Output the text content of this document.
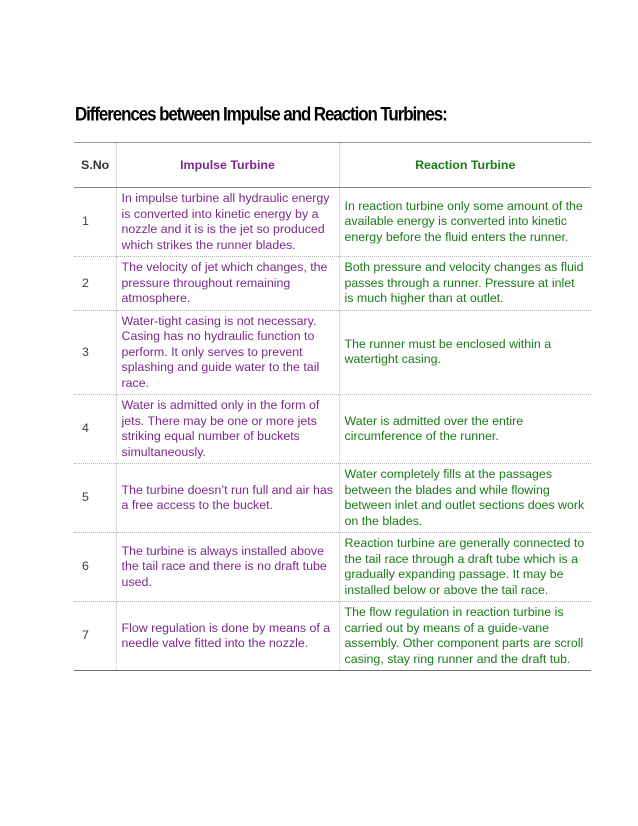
Differences between Impulse and Reaction Turbines:
S.No	Impulse Turbine	Reaction Turbine
1	In impulse turbine all hydraulic energy is converted into kinetic energy by a nozzle and it is is the jet so produced which strikes the runner blades.	In reaction turbine only some amount of the available energy is converted into kinetic energy before the fluid enters the runner.
2	The velocity of jet which changes, the pressure throughout remaining atmosphere.	Both pressure and velocity changes as fluid passes through a runner. Pressure at inlet is much higher than at outlet.
3	Water-tight casing is not necessary. Casing has no hydraulic function to perform. It only serves to prevent splashing and guide water to the tail race.	The runner must be enclosed within a watertight casing.
4	Water is admitted only in the form of jets. There may be one or more jets striking equal number of buckets simultaneously.	Water is admitted over the entire circumference of the runner.
5	The turbine doesn’t run full and air has a free access to the bucket.	Water completely fills at the passages between the blades and while flowing between inlet and outlet sections does work on the blades.
6	The turbine is always installed above the tail race and there is no draft tube used.	Reaction turbine are generally connected to the tail race through a draft tube which is a gradually expanding passage. It may be installed below or above the tail race.
7	Flow regulation is done by means of a needle valve fitted into the nozzle.	The flow regulation in reaction turbine is carried out by means of a guide-vane assembly. Other component parts are scroll casing, stay ring runner and the draft tub.
